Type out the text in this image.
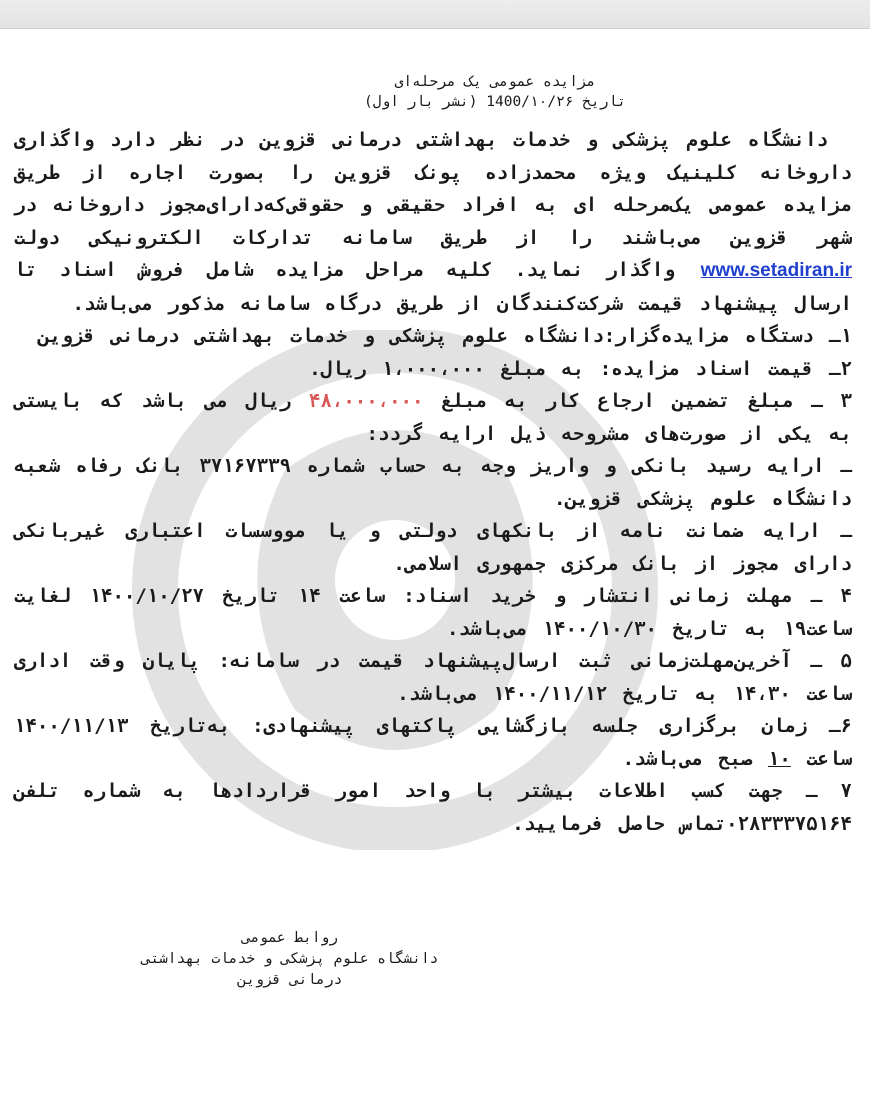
مزایده عمومی یک مرحله‌ای
تاریخ 1400/۱۰/۲۶ (نشر بار اول)

دانشگاه علوم پزشکی و خدمات بهداشتی درمانی قزوین در نظر دارد واگذاری داروخانه کلینیک ویژه محمدزاده پونک قزوین را بصورت اجاره از طریق مزایده عمومی یک‌مرحله ای به افراد حقیقی و حقوقی‌که‌دارای‌مجوز داروخانه در شهر قزوین می‌باشند را از طریق سامانه تدارکات الکترونیکی دولت www.setadiran.ir واگذار نماید. کلیه مراحل مزایده شامل فروش اسناد تا ارسال پیشنهاد قیمت شرکت‌کنندگان از طریق درگاه سامانه مذکور می‌باشد.

۱ـ دستگاه مزایده‌گزار:دانشگاه علوم پزشکی و خدمات بهداشتی درمانی قزوین

۲ـ قیمت اسناد مزایده: به مبلغ ۱،۰۰۰،۰۰۰ ریال.

۳ ـ مبلغ تضمین ارجاع کار به مبلغ ۴۸،۰۰۰،۰۰۰ ریال می باشد که بایستی به یکی از صورت‌های مشروحه ذیل ارایه گردد:

ـ ارایه رسید بانکی و واریز وجه به حساب شماره ۳۷۱۶۷۳۳۹ بانک رفاه شعبه دانشگاه علوم پزشکی قزوین.

ـ ارایه ضمانت نامه از بانکهای دولتی و یا مووسسات اعتباری غیربانکی دارای مجوز از بانک مرکزی جمهوری اسلامی.

۴ ـ مهلت زمانی انتشار و خرید اسناد: ساعت ۱۴ تاریخ ۱۴۰۰/۱۰/۲۷ لغایت ساعت۱۹ به تاریخ ۱۴۰۰/۱۰/۳۰ می‌باشد.

۵ ـ آخرین‌مهلت‌زمانی ثبت ارسال‌پیشنهاد قیمت در سامانه: پایان وقت اداری ساعت ۱۴،۳۰ به تاریخ ۱۴۰۰/۱۱/۱۲ می‌باشد.

۶ـ زمان برگزاری جلسه بازگشایی پاکتهای پیشنهادی: به‌تاریخ ۱۴۰۰/۱۱/۱۳ ساعت ۱۰ صبح می‌باشد.

۷ ـ جهت کسب اطلاعات بیشتر با واحد امور قراردادها به شماره تلفن ۰۲۸۳۳۳۷۵۱۶۴تماس حاصل فرمایید.

روابط عمومی
دانشگاه علوم پزشکی و خدمات بهداشتی
درمانی قزوین
